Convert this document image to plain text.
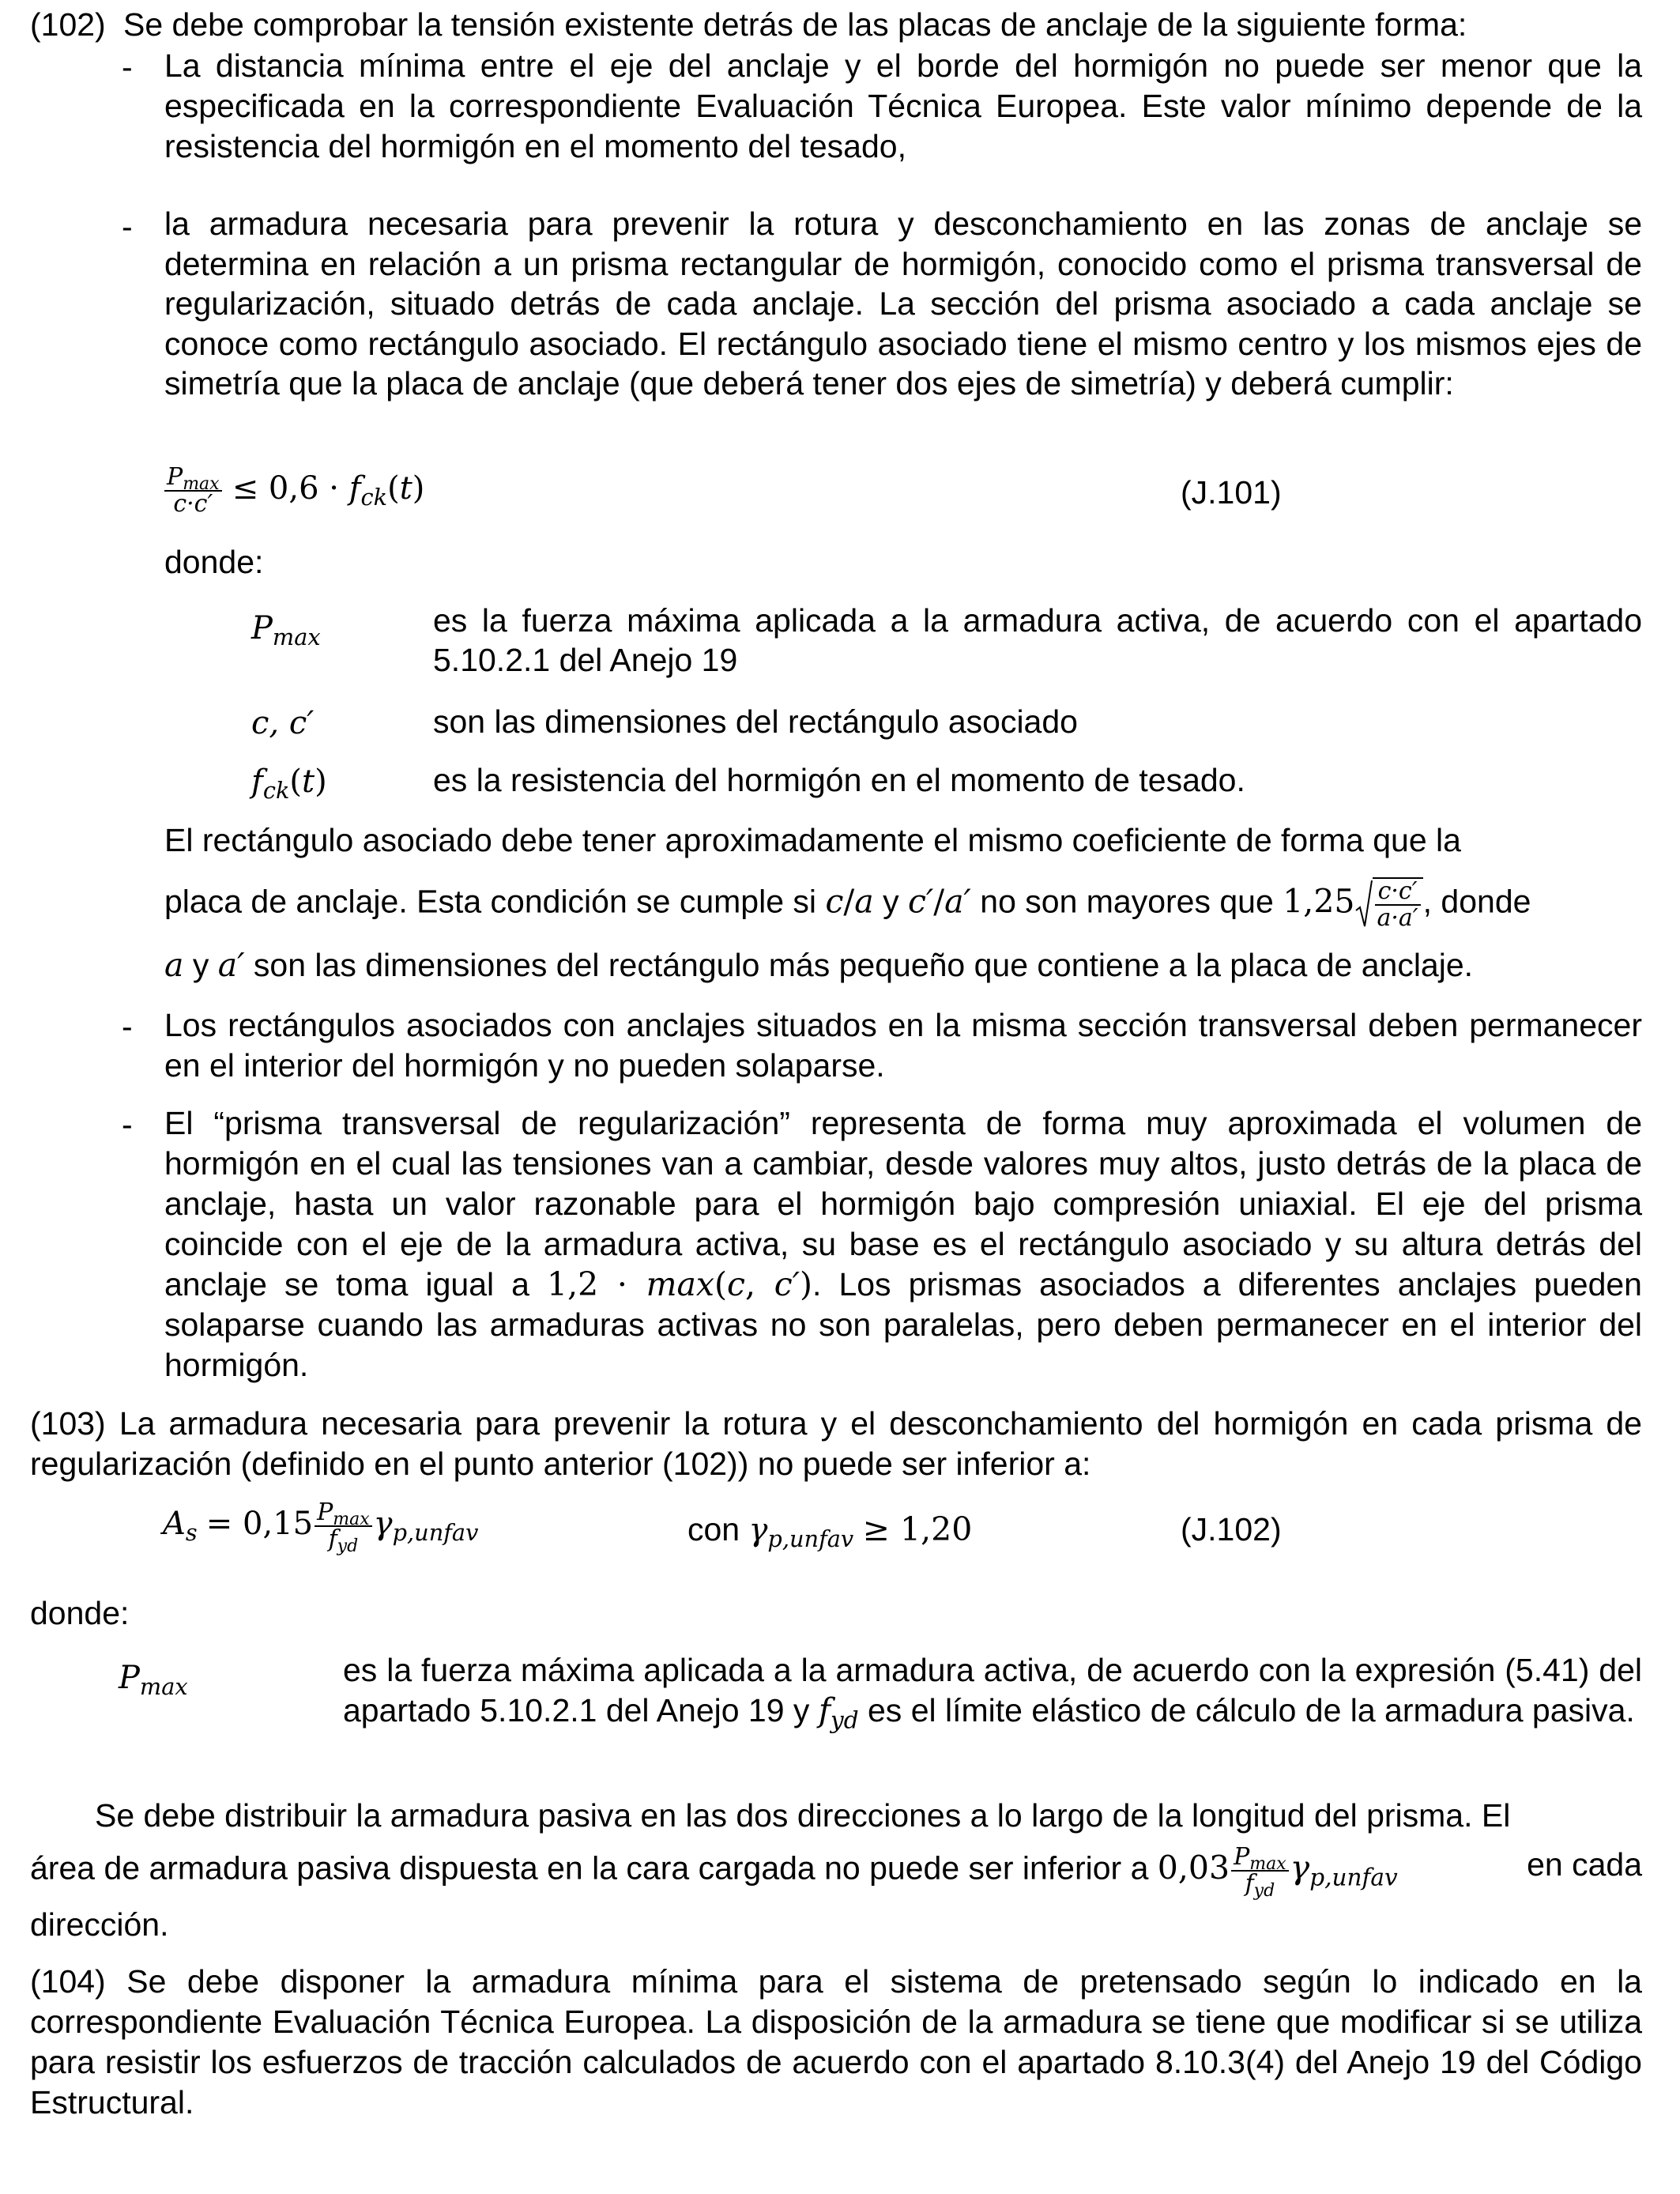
(102) Se debe comprobar la tensión existente detrás de las placas de anclaje de la siguiente forma:
- La distancia mínima entre el eje del anclaje y el borde del hormigón no puede ser menor que la especificada en la correspondiente Evaluación Técnica Europea. Este valor mínimo depende de la resistencia del hormigón en el momento del tesado,
- la armadura necesaria para prevenir la rotura y desconchamiento en las zonas de anclaje se determina en relación a un prisma rectangular de hormigón, conocido como el prisma transversal de regularización, situado detrás de cada anclaje. La sección del prisma asociado a cada anclaje se conoce como rectángulo asociado. El rectángulo asociado tiene el mismo centro y los mismos ejes de simetría que la placa de anclaje (que deberá tener dos ejes de simetría) y deberá cumplir:
$\frac{P_{max}}{c\cdot c'} \le 0,6 \cdot f_{ck}(t)$	(J.101)
donde:
$P_{max}$	es la fuerza máxima aplicada a la armadura activa, de acuerdo con el apartado 5.10.2.1 del Anejo 19
c, c′	son las dimensiones del rectángulo asociado
$f_{ck}(t)$	es la resistencia del hormigón en el momento de tesado.
El rectángulo asociado debe tener aproximadamente el mismo coeficiente de forma que la
placa de anclaje. Esta condición se cumple si c/a y c′/a′ no son mayores que $1,25 \frac{c\cdot c'}{a\cdot a'}$ , donde
a y a′ son las dimensiones del rectángulo más pequeño que contiene a la placa de anclaje.
- Los rectángulos asociados con anclajes situados en la misma sección transversal deben permanecer en el interior del hormigón y no pueden solaparse.
- El “prisma transversal de regularización” representa de forma muy aproximada el volumen de hormigón en el cual las tensiones van a cambiar, desde valores muy altos, justo detrás de la placa de anclaje, hasta un valor razonable para el hormigón bajo compresión uniaxial. El eje del prisma coincide con el eje de la armadura activa, su base es el rectángulo asociado y su altura detrás del anclaje se toma igual a 1,2 · max(c, c′). Los prismas asociados a diferentes anclajes pueden solaparse cuando las armaduras activas no son paralelas, pero deben permanecer en el interior del hormigón.
(103) La armadura necesaria para prevenir la rotura y el desconchamiento del hormigón en cada prisma de regularización (definido en el punto anterior (102)) no puede ser inferior a:
$A_s = 0,15 \frac{P_{max}}{f_{yd}} \gamma_{p,unfav}$	con $\gamma_{p,unfav} \ge 1,20$	(J.102)
donde:
$P_{max}$	es la fuerza máxima aplicada a la armadura activa, de acuerdo con la expresión (5.41) del apartado 5.10.2.1 del Anejo 19 y $f_{yd}$ es el límite elástico de cálculo de la armadura pasiva.
Se debe distribuir la armadura pasiva en las dos direcciones a lo largo de la longitud del prisma. El
área de armadura pasiva dispuesta en la cara cargada no puede ser inferior a $0,03 \frac{P_{max}}{f_{yd}} \gamma_{p,unfav}$	en cada
dirección.
(104) Se debe disponer la armadura mínima para el sistema de pretensado según lo indicado en la correspondiente Evaluación Técnica Europea. La disposición de la armadura se tiene que modificar si se utiliza para resistir los esfuerzos de tracción calculados de acuerdo con el apartado 8.10.3(4) del Anejo 19 del Código Estructural.
